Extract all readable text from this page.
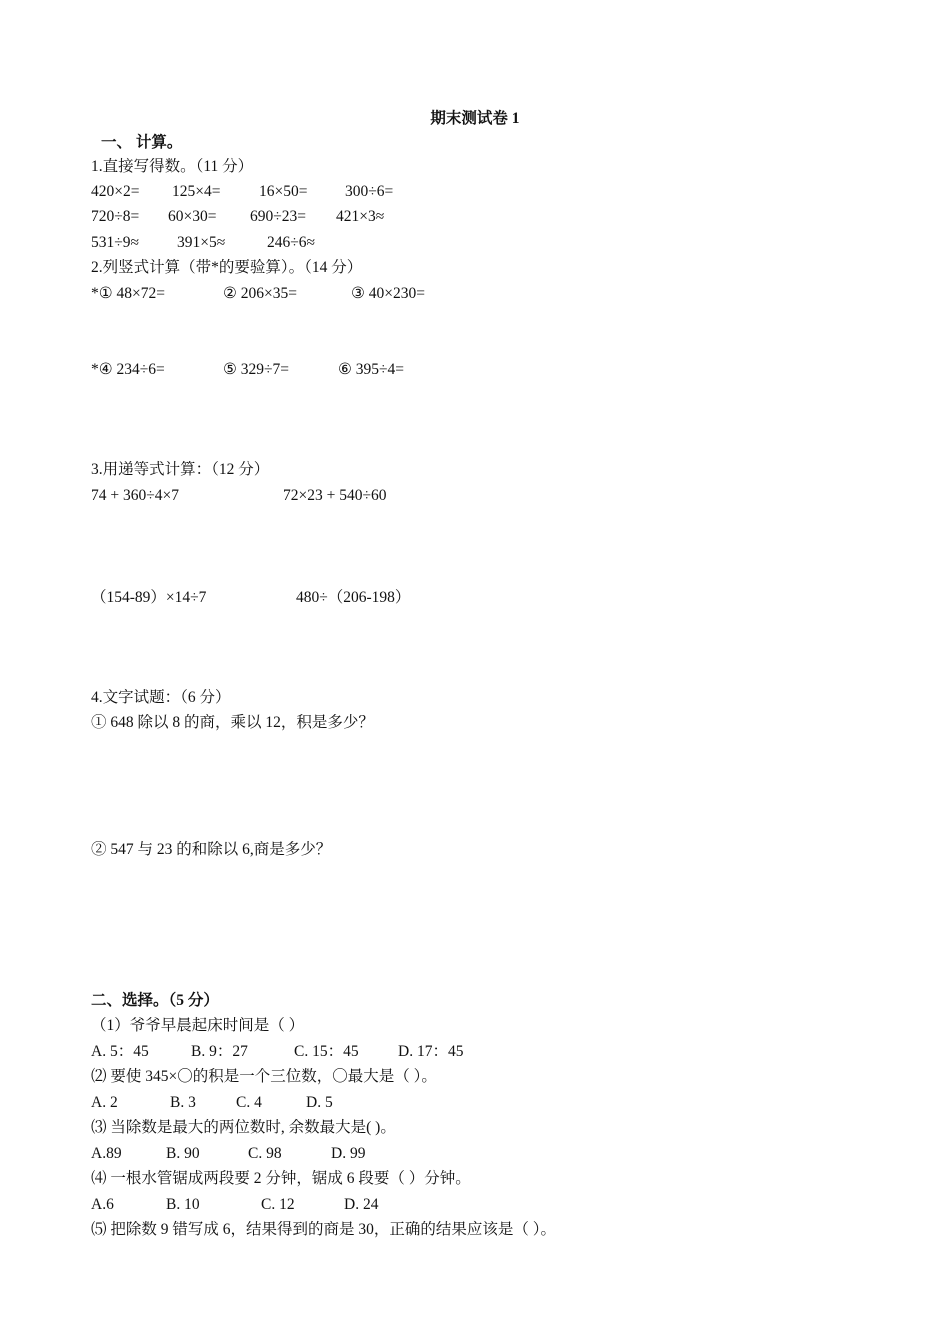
期末测试卷 1
一、 计算。
1.直接写得数。（11 分）
420×2= 125×4= 16×50= 300÷6=
720÷8= 60×30= 690÷23= 421×3≈
531÷9≈ 391×5≈	246÷6≈
2.列竖式计算（带*的要验算）。（14 分）
*① 48×72=	② 206×35=	③ 40×230=
*④ 234÷6=	⑤ 329÷7=	⑥ 395÷4=
3.用递等式计算：（12 分）
74 + 360÷4×7	72×23 + 540÷60
（154-89）×14÷7	480÷（206-198）
4.文字试题：（6 分）
① 648 除以 8 的商，乘以 12，积是多少？
② 547 与 23 的和除以 6,商是多少？
二、选择。（5 分）
（1）爷爷早晨起床时间是（ ）
A. 5：45	B. 9：27	C. 15：45	D. 17：45
⑵ 要使 345×〇的积是一个三位数，〇最大是（ ）。
A. 2	B. 3	C. 4	D. 5
⑶ 当除数是最大的两位数时, 余数最大是( )。
A.89	B. 90	C. 98	D. 99
⑷ 一根水管锯成两段要 2 分钟，锯成 6 段要（ ）分钟。
A.6	B. 10	C. 12	D. 24
⑸ 把除数 9 错写成 6，结果得到的商是 30，正确的结果应该是（ ）。
